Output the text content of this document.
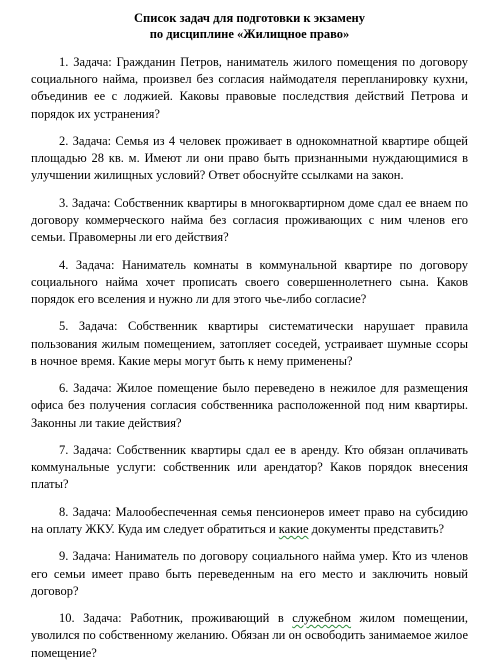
Список задач для подготовки к экзамену
по дисциплине «Жилищное право»

1. Задача: Гражданин Петров, наниматель жилого помещения по договору социального найма, произвел без согласия наймодателя перепланировку кухни, объединив ее с лоджией. Каковы правовые последствия действий Петрова и порядок их устранения?

2. Задача: Семья из 4 человек проживает в однокомнатной квартире общей площадью 28 кв. м. Имеют ли они право быть признанными нуждающимися в улучшении жилищных условий? Ответ обоснуйте ссылками на закон.

3. Задача: Собственник квартиры в многоквартирном доме сдал ее внаем по договору коммерческого найма без согласия проживающих с ним членов его семьи. Правомерны ли его действия?

4. Задача: Наниматель комнаты в коммунальной квартире по договору социального найма хочет прописать своего совершеннолетнего сына. Каков порядок его вселения и нужно ли для этого чье-либо согласие?

5. Задача: Собственник квартиры систематически нарушает правила пользования жилым помещением, затопляет соседей, устраивает шумные ссоры в ночное время. Какие меры могут быть к нему применены?

6. Задача: Жилое помещение было переведено в нежилое для размещения офиса без получения согласия собственника расположенной под ним квартиры. Законны ли такие действия?

7. Задача: Собственник квартиры сдал ее в аренду. Кто обязан оплачивать коммунальные услуги: собственник или арендатор? Каков порядок внесения платы?

8. Задача: Малообеспеченная семья пенсионеров имеет право на субсидию на оплату ЖКУ. Куда им следует обратиться и какие документы представить?

9. Задача: Наниматель по договору социального найма умер. Кто из членов его семьи имеет право быть переведенным на его место и заключить новый договор?

10. Задача: Работник, проживающий в служебном жилом помещении, уволился по собственному желанию. Обязан ли он освободить занимаемое жилое помещение?
